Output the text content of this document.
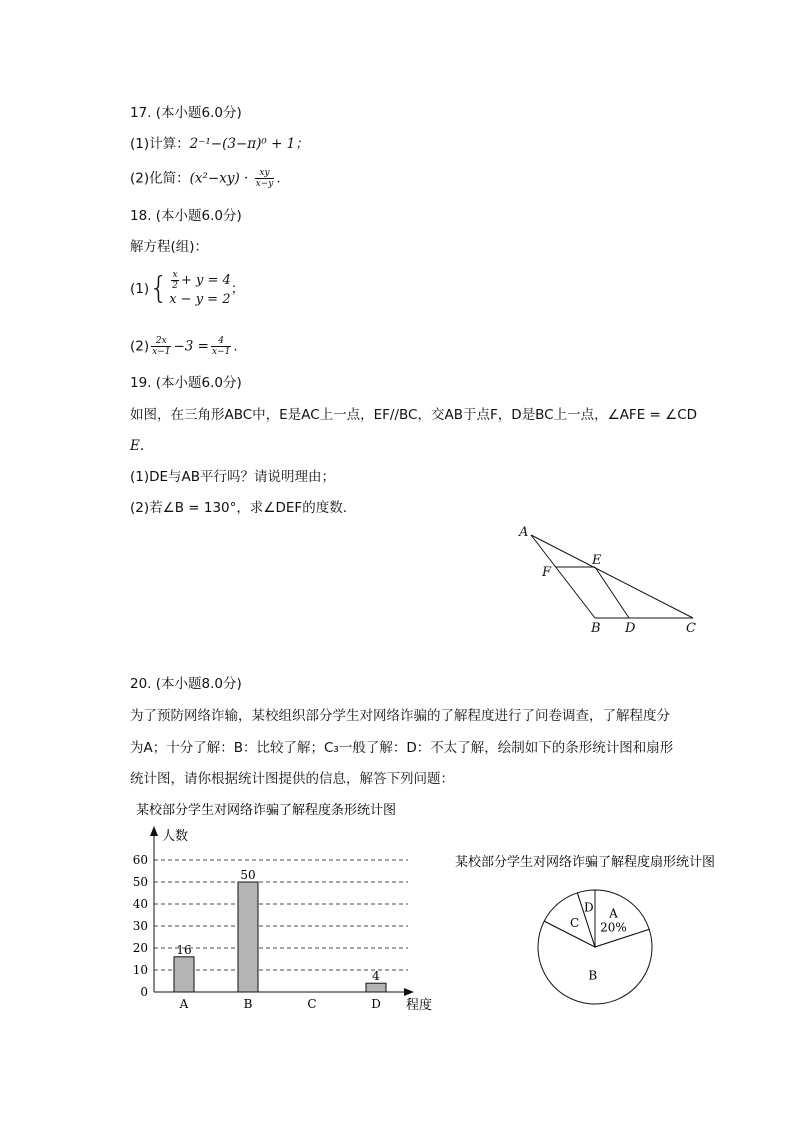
17. (本小题6.0分)
(1)计算：2⁻¹−(3−π)⁰ + 1；
(2)化简：$(x^2-xy) \cdot \frac{xy}{x-y}$ .
18. (本小题6.0分)
解方程(组)：
$(1)\{ \frac{x}{2} + y = 4$
x − y = 2
；
$(2) \frac{2x}{x-1} -3 = \frac{4}{x-1}$ .
19. (本小题6.0分)
如图，在三角形ABC中，E是AC上一点，EF//BC，交AB于点F，D是BC上一点，∠AFE = ∠CD
E.
(1)DE与AB平行吗？请说明理由；
(2)若∠B = 130°，求∠DEF的度数.
A
E
F
B D	C
20. (本小题8.0分)
为了预防网络诈输，某校组织部分学生对网络诈骗的了解程度进行了问卷调查，了解程度分
为A；十分了解：B：比较了解；C₃一般了解：D：不太了解，绘制如下的条形统计图和扇形
统计图，请你根据统计图提供的信息，解答下列问题：
某校部分学生对网络诈骗了解程度条形统计图
人数
程度
0
10
20
30
40
50
60
16
50
4
A	B	C	D
某校部分学生对网络诈骗了解程度扇形统计图
A
20%
B
C
D
